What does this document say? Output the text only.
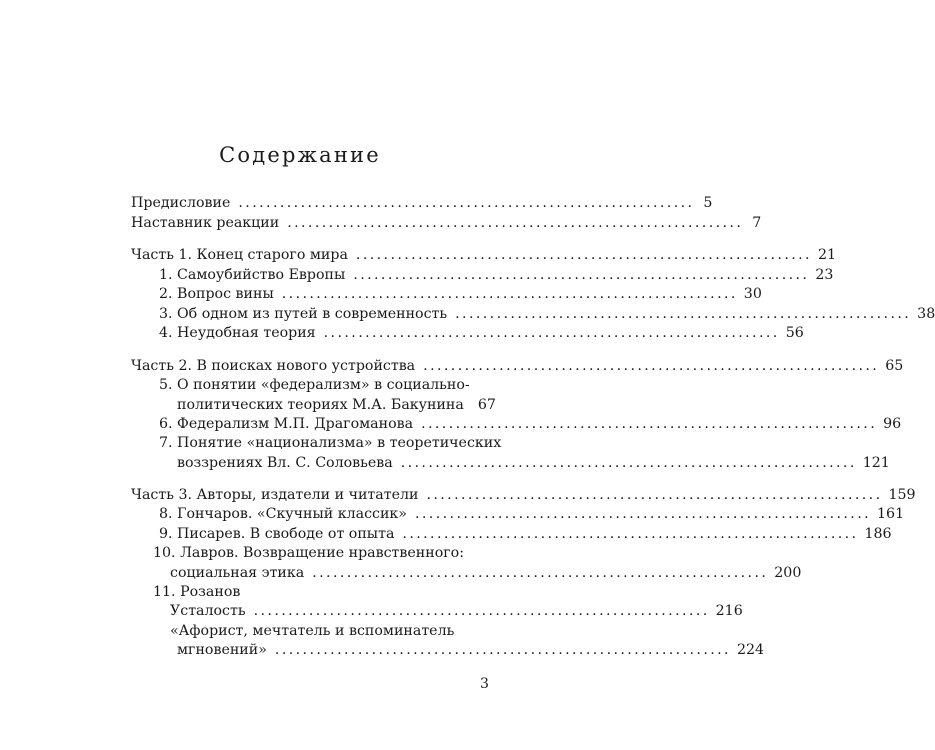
Содержание
Предисловие .................................................................. 5
Наставник реакции .................................................................. 7
Часть 1. Конец старого мира .................................................................. 21
1. Самоубийство Европы .................................................................. 23
2. Вопрос вины .................................................................. 30
3. Об одном из путей в современность .................................................................. 38
4. Неудобная теория .................................................................. 56
Часть 2. В поисках нового устройства .................................................................. 65
5. О понятии «федерализм» в социально-
политических теориях М.А. Бакунина 67
6. Федерализм М.П. Драгоманова .................................................................. 96
7. Понятие «национализма» в теоретических
воззрениях Вл. С. Соловьева .................................................................. 121
Часть 3. Авторы, издатели и читатели .................................................................. 159
8. Гончаров. «Скучный классик» .................................................................. 161
9. Писарев. В свободе от опыта .................................................................. 186
10. Лавров. Возвращение нравственного:
социальная этика .................................................................. 200
11. Розанов
Усталость .................................................................. 216
«Афорист, мечтатель и вспоминатель
мгновений» .................................................................. 224
3
